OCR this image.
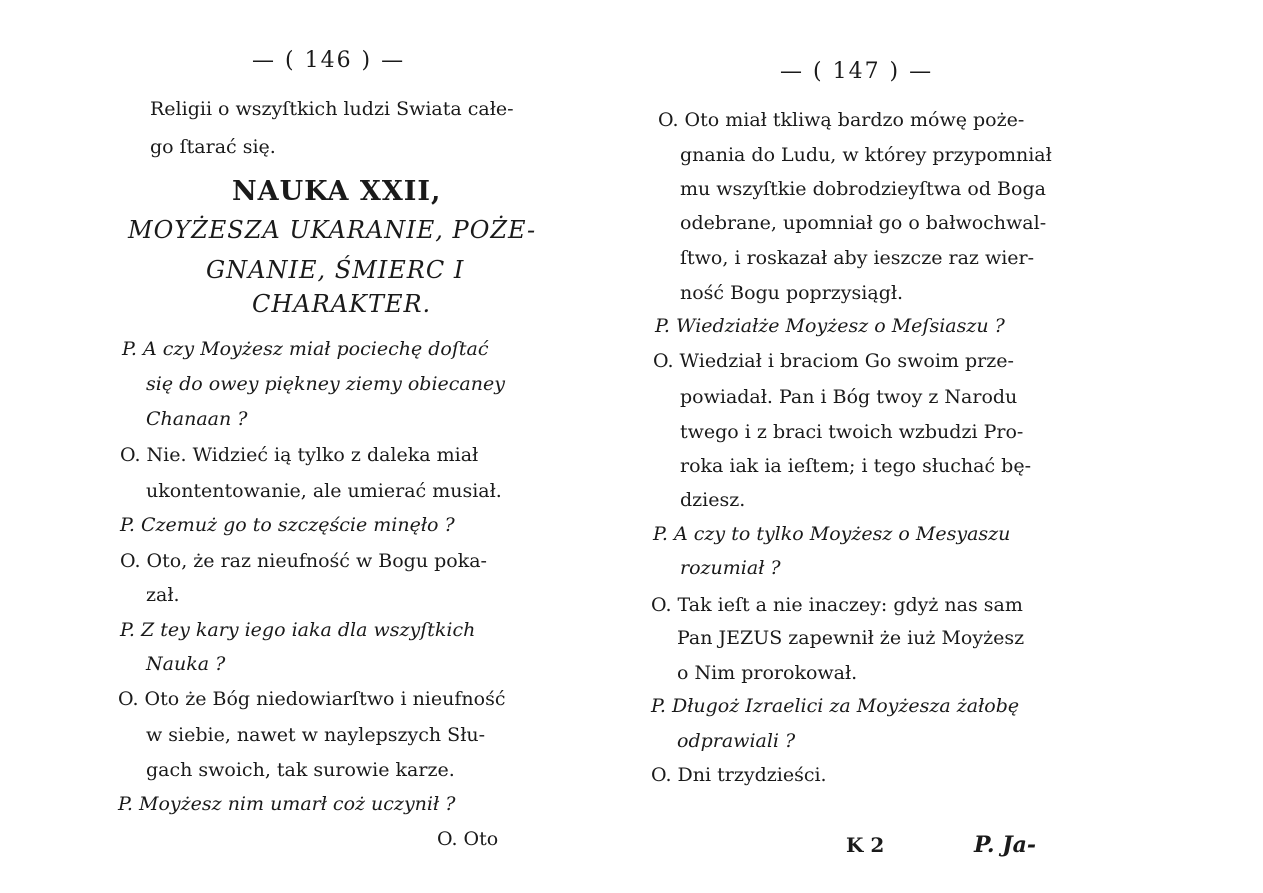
— ( 146 ) —
Religii o wszyſtkich ludzi Swiata całe-
go ſtarać się.
NAUKA XXII,
MOYŻESZA UKARANIE, POŻE-
GNANIE, ŚMIERC I
CHARAKTER.
P. A czy Moyżesz miał pociechę doſtać
się do owey piękney ziemy obiecaney
Chanaan ?
O. Nie. Widzieć ią tylko z daleka miał
ukontentowanie, ale umierać musiał.
P. Czemuż go to szczęście minęło ?
O. Oto, że raz nieufność w Bogu poka-
zał.
P. Z tey kary iego iaka dla wszyſtkich
Nauka ?
O. Oto że Bóg niedowiarſtwo i nieufność
w siebie, nawet w naylepszych Słu-
gach swoich, tak surowie karze.
P. Moyżesz nim umarł coż uczynił ?
O. Oto
— ( 147 ) —
O. Oto miał tkliwą bardzo mówę poże-
gnania do Ludu, w którey przypomniał
mu wszyſtkie dobrodzieyſtwa od Boga
odebrane, upomniał go o bałwochwal-
ſtwo, i roskazał aby ieszcze raz wier-
ność Bogu poprzysiągł.
P. Wiedziałże Moyżesz o Meſsiaszu ?
O. Wiedział i braciom Go swoim prze-
powiadał. Pan i Bóg twoy z Narodu
twego i z braci twoich wzbudzi Pro-
roka iak ia ieſtem; i tego słuchać bę-
dziesz.
P. A czy to tylko Moyżesz o Mesyaszu
rozumiał ?
O. Tak ieſt a nie inaczey: gdyż nas sam
Pan JEZUS zapewnił że iuż Moyżesz
o Nim prorokował.
P. Długoż Izraelici za Moyżesza żałobę
odprawiali ?
O. Dni trzydzieści.
K 2	P. Ja-
